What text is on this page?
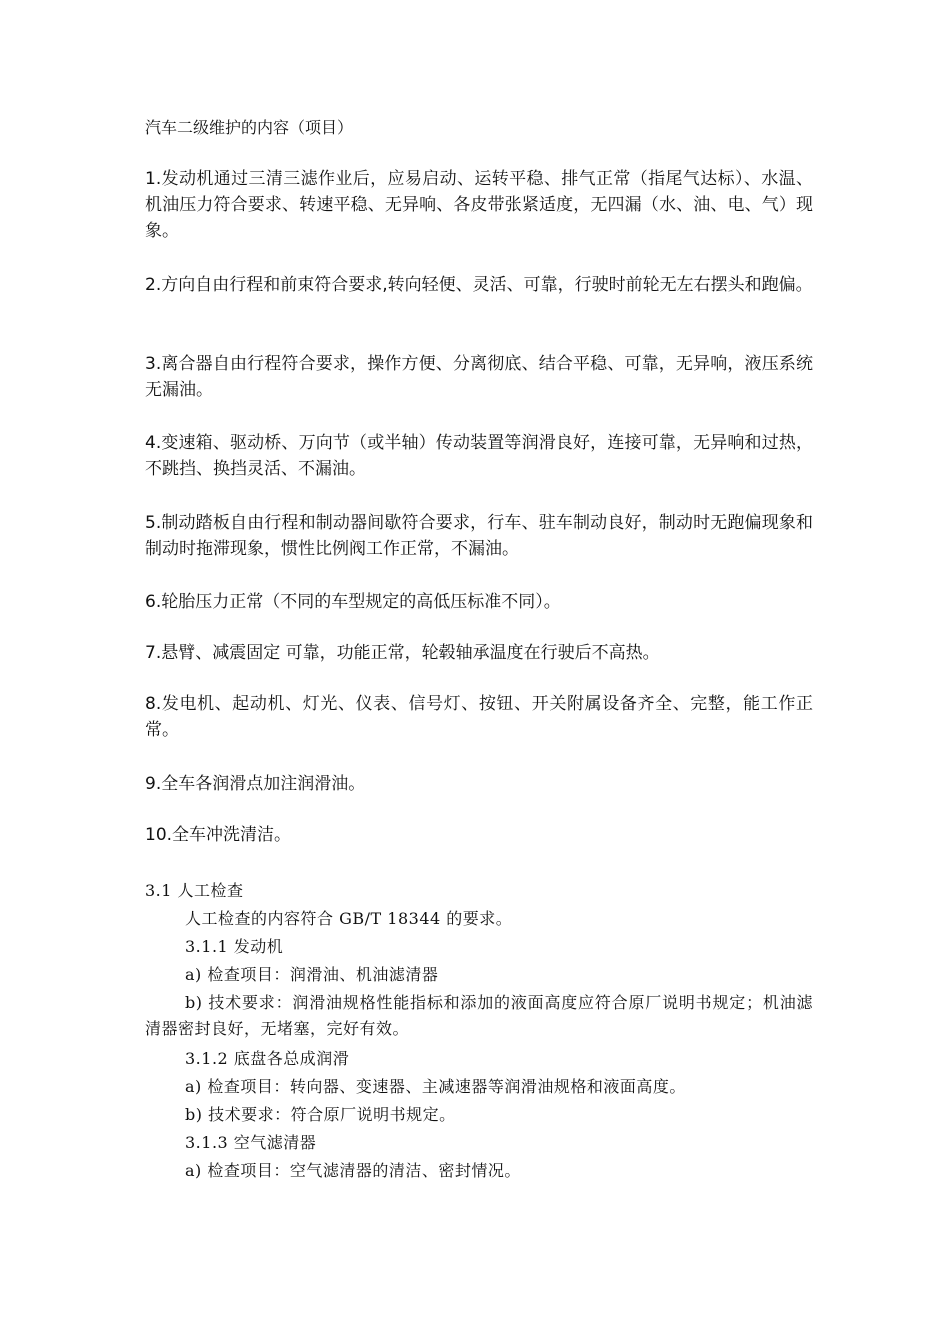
汽车二级维护的内容（项目）

1.发动机通过三清三滤作业后，应易启动、运转平稳、排气正常（指尾气达标）、水温、机油压力符合要求、转速平稳、无异响、各皮带张紧适度，无四漏（水、油、电、气）现象。

2.方向自由行程和前束符合要求,转向轻便、灵活、可靠，行驶时前轮无左右摆头和跑偏。

3.离合器自由行程符合要求，操作方便、分离彻底、结合平稳、可靠，无异响，液压系统无漏油。

4.变速箱、驱动桥、万向节（或半轴）传动装置等润滑良好，连接可靠，无异响和过热，不跳挡、换挡灵活、不漏油。

5.制动踏板自由行程和制动器间歇符合要求，行车、驻车制动良好，制动时无跑偏现象和制动时拖滞现象，惯性比例阀工作正常，不漏油。

6.轮胎压力正常（不同的车型规定的高低压标准不同）。

7.悬臂、减震固定 可靠，功能正常，轮毂轴承温度在行驶后不高热。

8.发电机、起动机、灯光、仪表、信号灯、按钮、开关附属设备齐全、完整，能工作正常。

9.全车各润滑点加注润滑油。

10.全车冲洗清洁。

3.1 人工检查

人工检查的内容符合 GB/T 18344 的要求。

3.1.1 发动机

a) 检查项目：润滑油、机油滤清器

b) 技术要求：润滑油规格性能指标和添加的液面高度应符合原厂说明书规定；机油滤清器密封良好，无堵塞，完好有效。

3.1.2 底盘各总成润滑

a) 检查项目：转向器、变速器、主减速器等润滑油规格和液面高度。

b) 技术要求：符合原厂说明书规定。

3.1.3 空气滤清器

a) 检查项目：空气滤清器的清洁、密封情况。
